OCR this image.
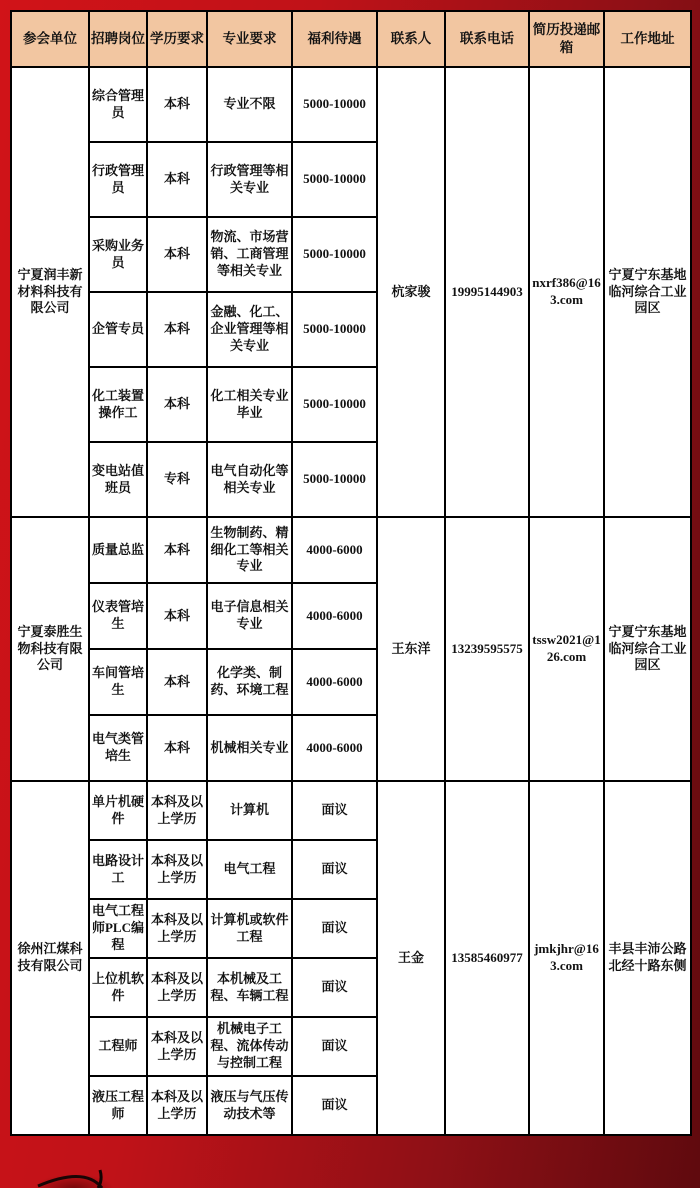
参会单位	招聘岗位	学历要求	专业要求	福利待遇	联系人	联系电话	简历投递邮箱	工作地址
宁夏润丰新材料科技有限公司	综合管理员	本科	专业不限	5000-10000	杭家骏	19995144903	nxrf386@163.com	宁夏宁东基地临河综合工业园区
	行政管理员	本科	行政管理等相关专业	5000-10000				
	采购业务员	本科	物流、市场营销、工商管理等相关专业	5000-10000				
	企管专员	本科	金融、化工、企业管理等相关专业	5000-10000				
	化工装置操作工	本科	化工相关专业毕业	5000-10000				
	变电站值班员	专科	电气自动化等相关专业	5000-10000				
宁夏泰胜生物科技有限公司	质量总监	本科	生物制药、精细化工等相关专业	4000-6000	王东洋	13239595575	tssw2021@126.com	宁夏宁东基地临河综合工业园区
	仪表管培生	本科	电子信息相关专业	4000-6000				
	车间管培生	本科	化学类、制药、环境工程	4000-6000				
	电气类管培生	本科	机械相关专业	4000-6000				
徐州江煤科技有限公司	单片机硬件	本科及以上学历	计算机	面议	王金	13585460977	jmkjhr@163.com	丰县丰沛公路北经十路东侧
	电路设计工	本科及以上学历	电气工程	面议				
	电气工程师PLC编程	本科及以上学历	计算机或软件工程	面议				
	上位机软件	本科及以上学历	本机械及工程、车辆工程	面议				
	工程师	本科及以上学历	机械电子工程、流体传动与控制工程	面议				
	液压工程师	本科及以上学历	液压与气压传动技术等	面议				
